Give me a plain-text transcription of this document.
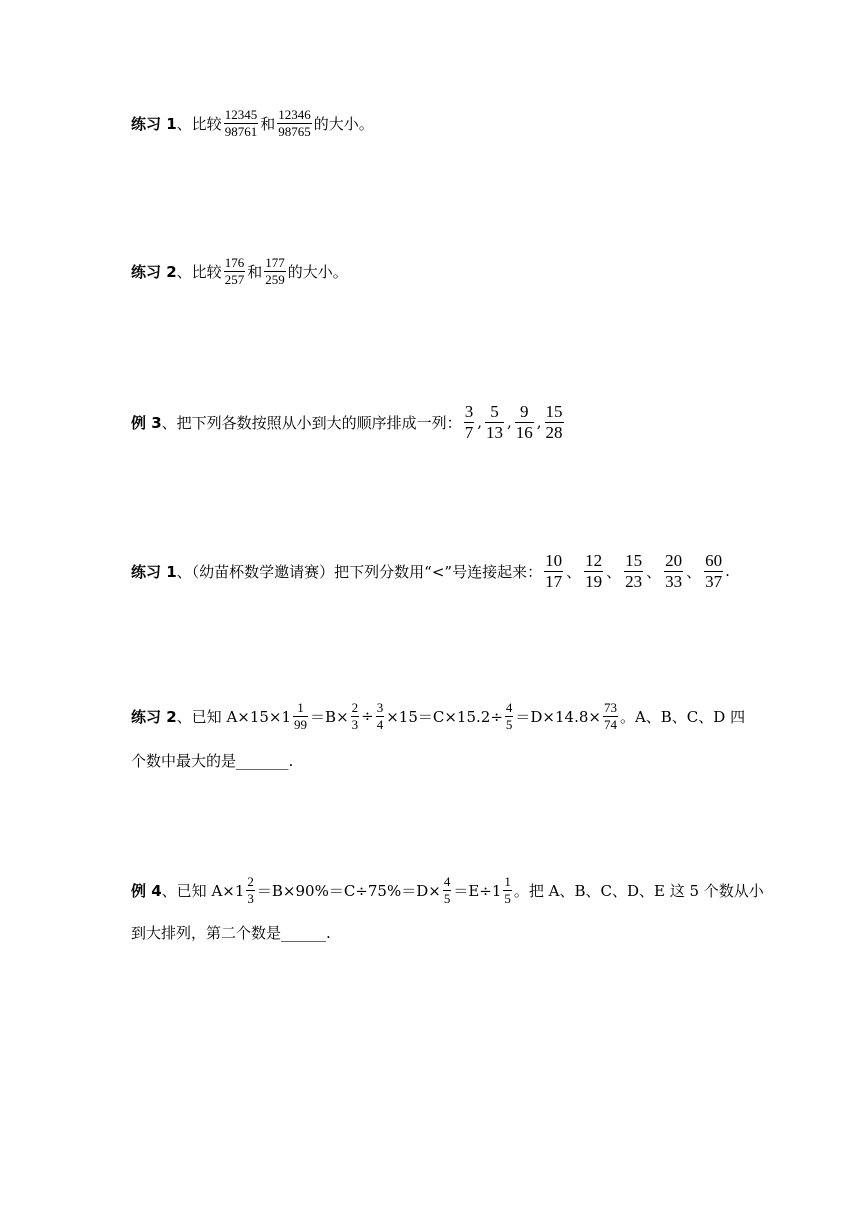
练习 1 、比较 $\frac{12345}{98761}$ 和 $\frac{12346}{98765}$ 的大小。
练习 2 、比较 $\frac{176}{257}$ 和 $\frac{177}{259}$ 的大小。
例 3 、把下列各数按照从小到大的顺序排成一列： $\frac{3}{7}$ , $\frac{5}{13}$ , $\frac{9}{16}$ , $\frac{15}{28}$
练习 1 、（幼苗杯数学邀请赛）把下列分数用“<”号连接起来： $\frac{10}{17}$ 、 $\frac{12}{19}$ 、 $\frac{15}{23}$ 、 $\frac{20}{33}$ 、 $\frac{60}{37}$ .
练习 2 、已知 $A\times 15\times 1 \frac{1}{99} =B\times \frac{2}{3} \div \frac{3}{4} \times 15=C\times 15.2\div \frac{4}{5} =D\times 14.8\times \frac{73}{74}$ 。A、B、C、D 四
个数中最大的是_______.
例 4 、已知 $A\times 1 \frac{2}{3} =B\times 90\%=C\div 75\%=D\times \frac{4}{5} =E\div 1 \frac{1}{5}$ 。把 A、B、C、D、E 这 5 个数从小
到大排列，第二个数是______.
